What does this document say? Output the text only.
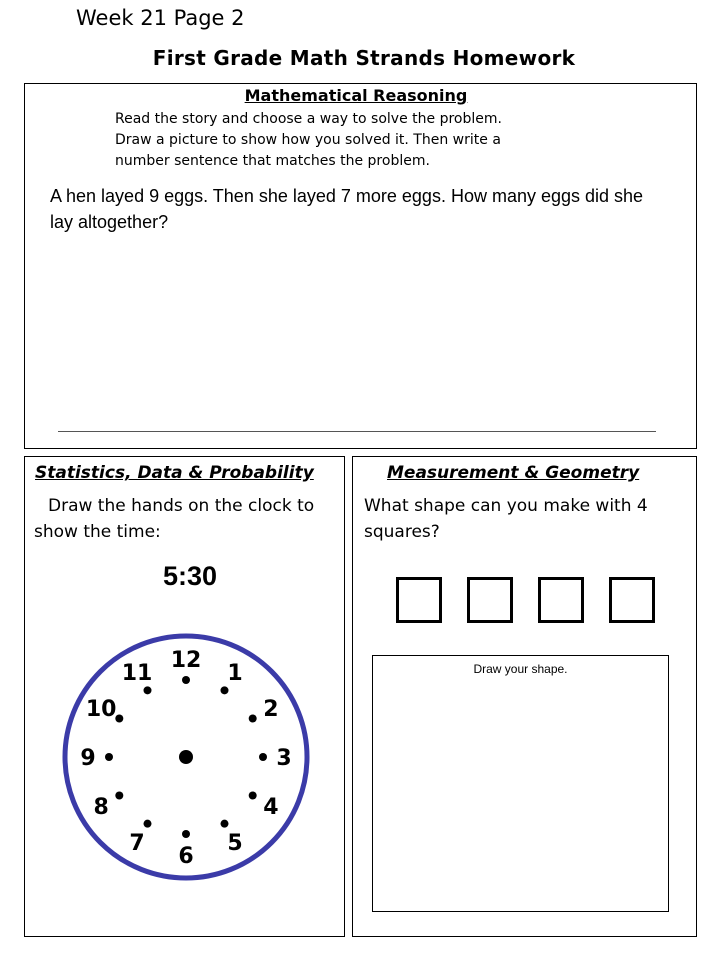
Week 21 Page 2
First Grade Math Strands Homework
Mathematical Reasoning
Read the story and choose a way to solve the problem.
Draw a picture to show how you solved it. Then write a
number sentence that matches the problem.
A hen layed 9 eggs. Then she layed 7 more eggs. How many eggs did she lay altogether?
Statistics, Data & Probability
Draw the hands on the clock to show the time:
5:30
12
1
2
3
4
5
6
7
8
9
10
11
Measurement & Geometry
What shape can you make with 4 squares?
Draw your shape.
